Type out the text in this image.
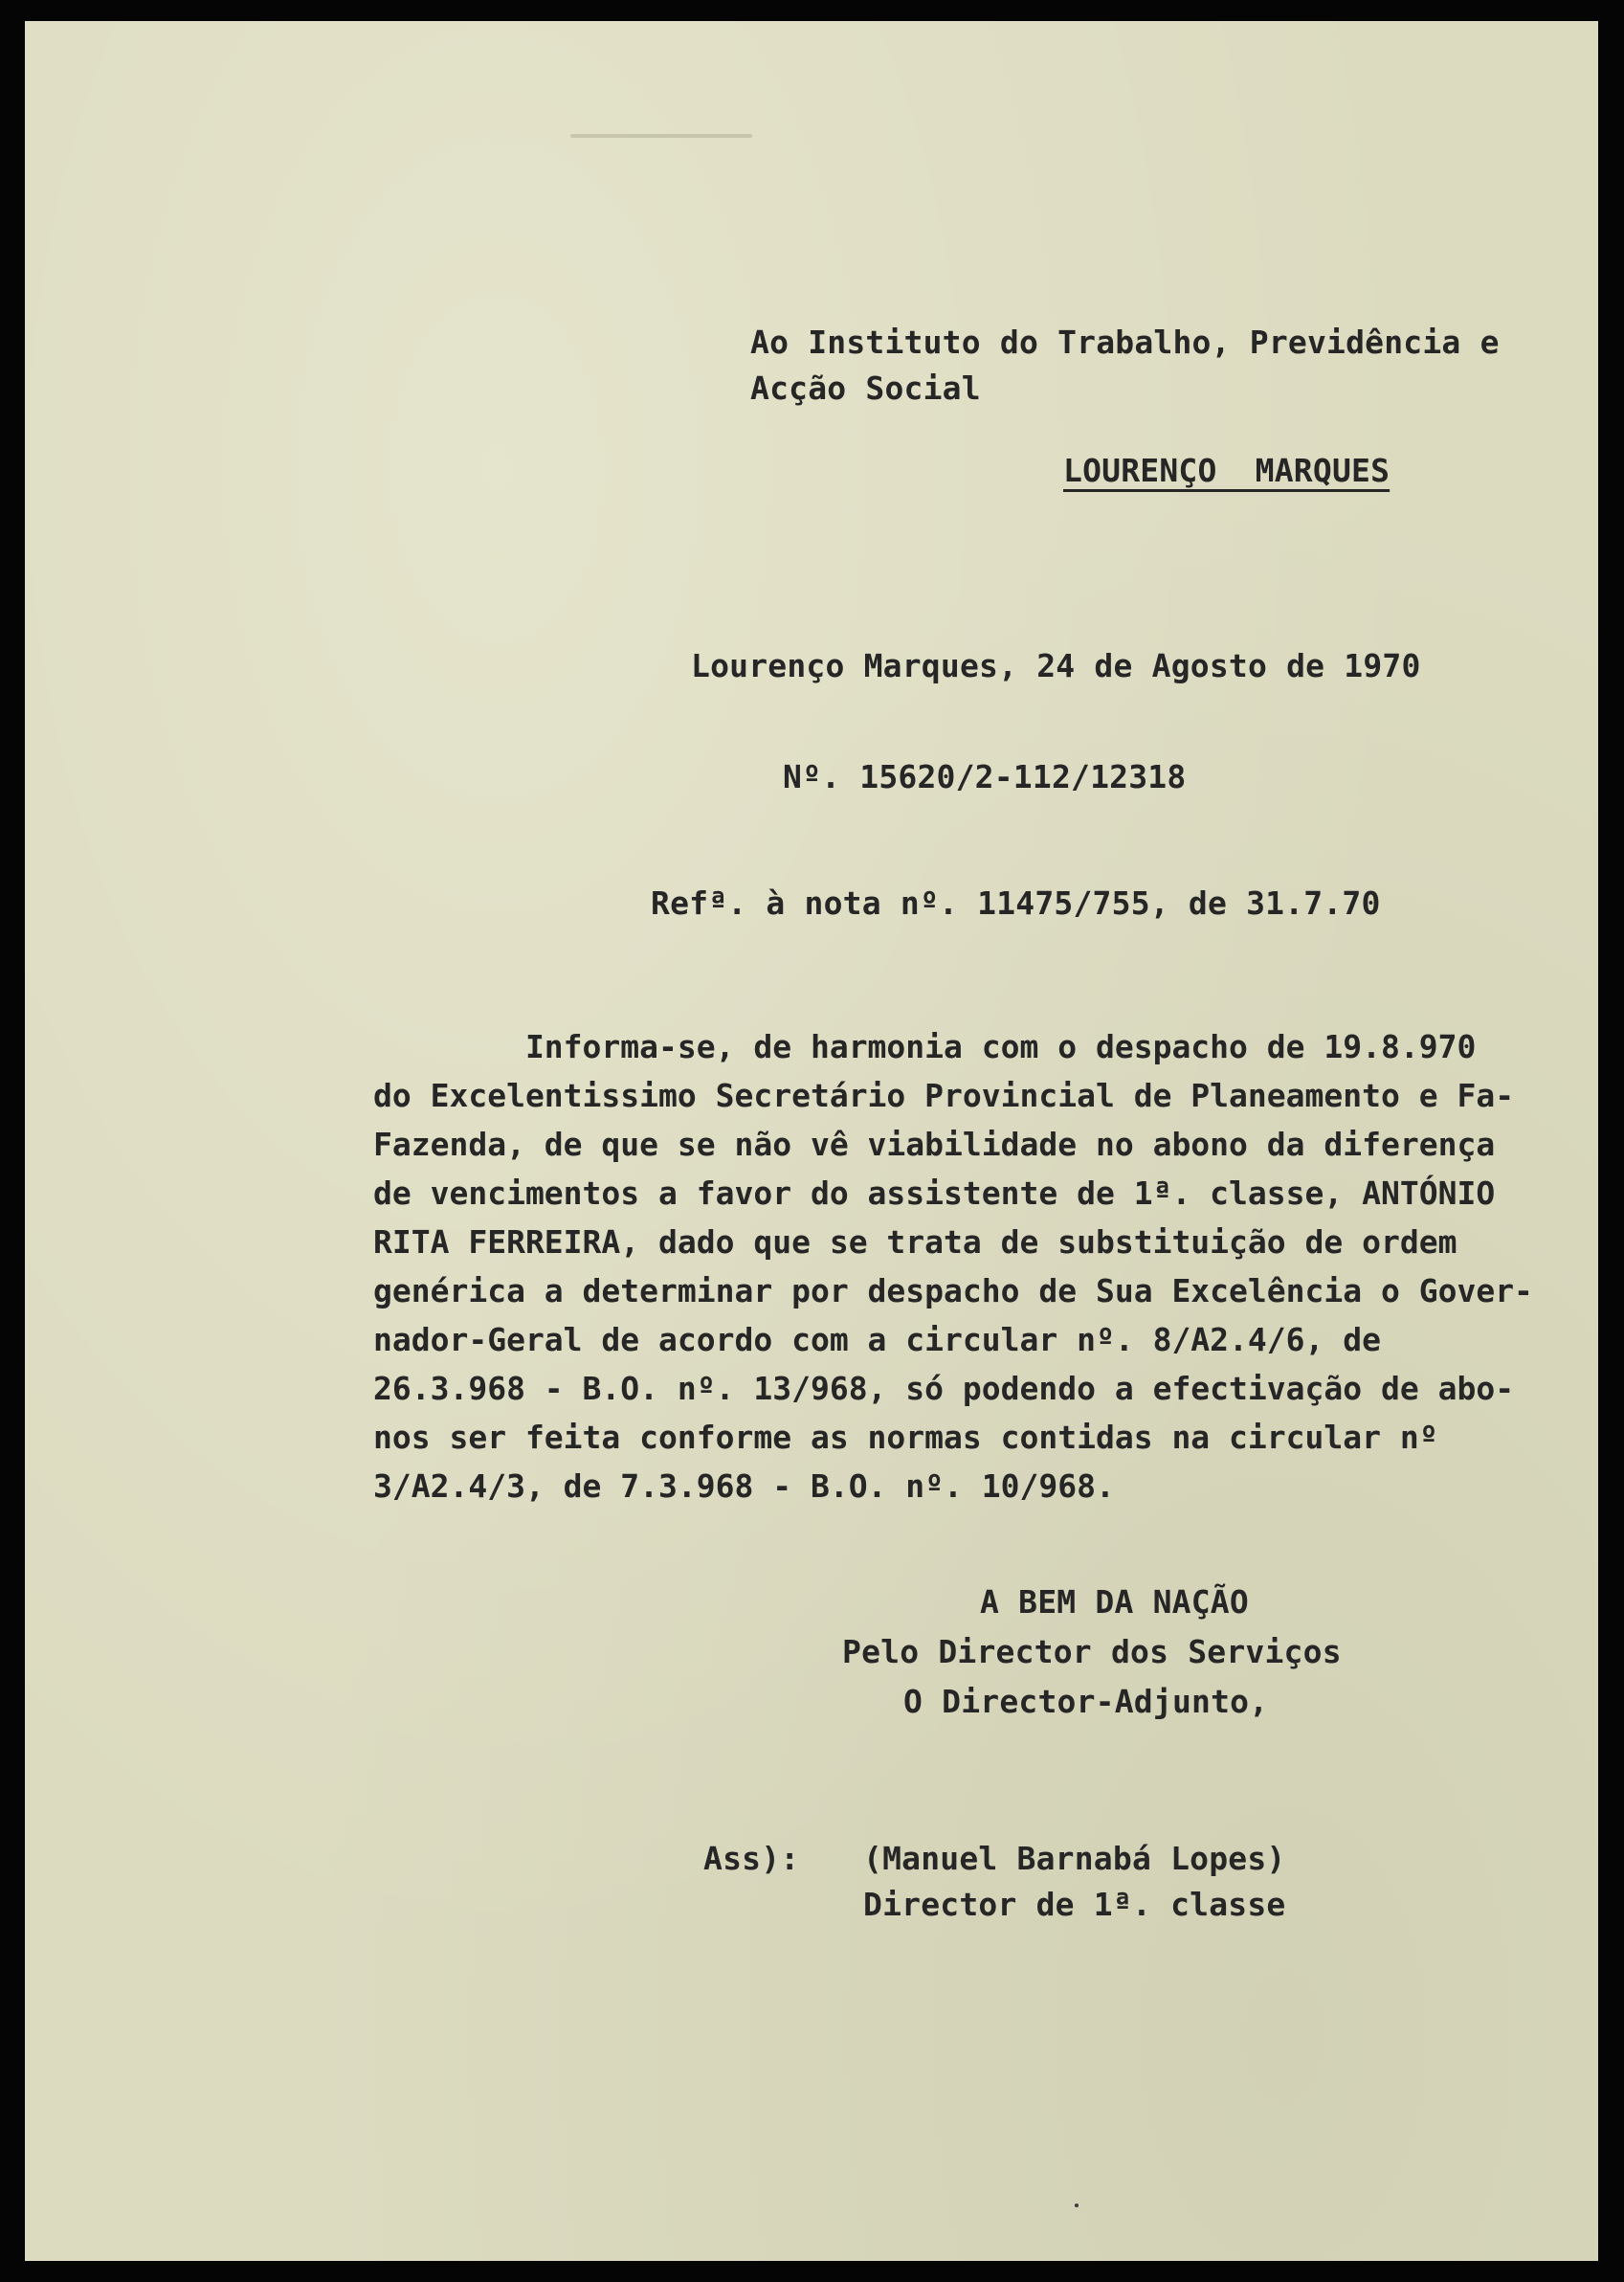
Ao Instituto do Trabalho, Previdência e
Acção Social
LOURENÇO  MARQUES
Lourenço Marques, 24 de Agosto de 1970
Nº. 15620/2-112/12318
Refª. à nota nº. 11475/755, de 31.7.70
Informa-se, de harmonia com o despacho de 19.8.970
do Excelentissimo Secretário Provincial de Planeamento e Fa-
Fazenda, de que se não vê viabilidade no abono da diferença
de vencimentos a favor do assistente de 1ª. classe, ANTÓNIO
RITA FERREIRA, dado que se trata de substituição de ordem
genérica a determinar por despacho de Sua Excelência o Gover-
nador-Geral de acordo com a circular nº. 8/A2.4/6, de
26.3.968 - B.O. nº. 13/968, só podendo a efectivação de abo-
nos ser feita conforme as normas contidas na circular nº
3/A2.4/3, de 7.3.968 - B.O. nº. 10/968.
A BEM DA NAÇÃO
Pelo Director dos Serviços
O Director-Adjunto,
Ass): (Manuel Barnabá Lopes)
Director de 1ª. classe
